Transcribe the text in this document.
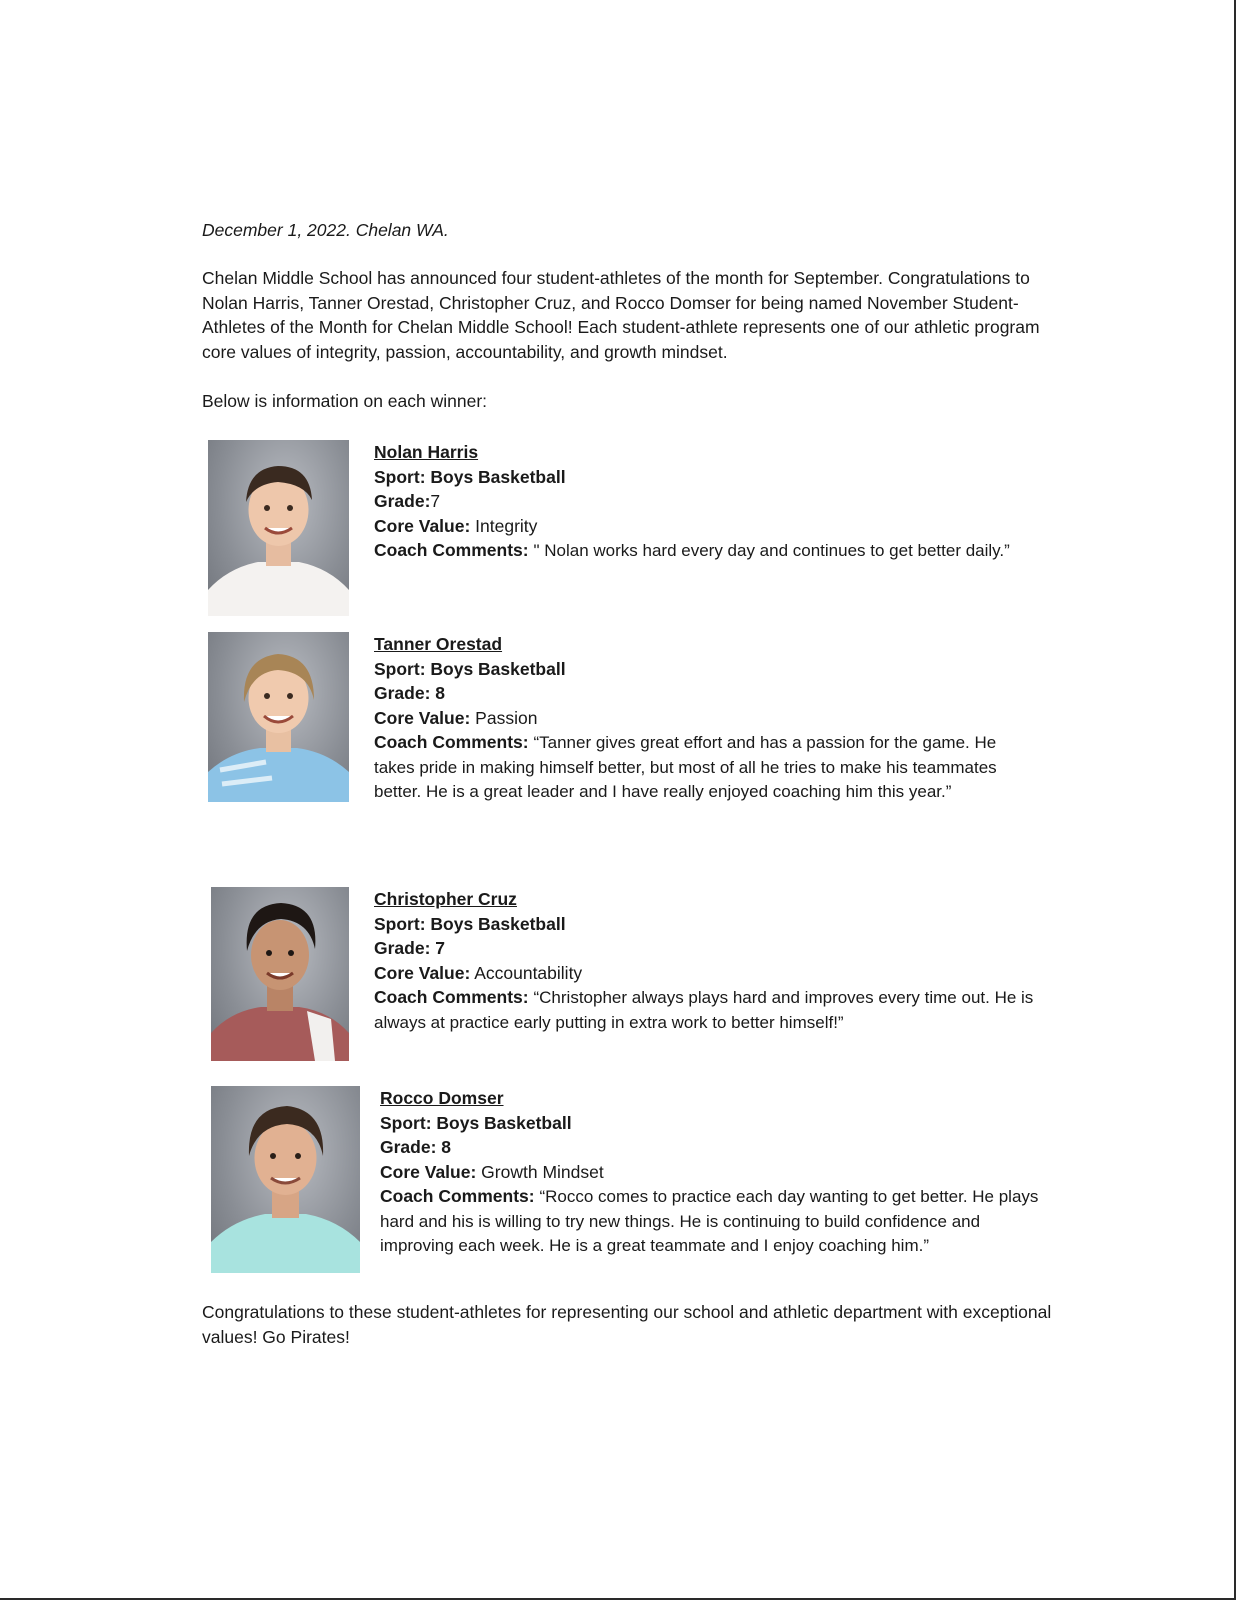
December 1, 2022. Chelan WA.

Chelan Middle School has announced four student-athletes of the month for September. Congratulations to Nolan Harris, Tanner Orestad, Christopher Cruz, and Rocco Domser for being named November Student-Athletes of the Month for Chelan Middle School! Each student-athlete represents one of our athletic program core values of integrity, passion, accountability, and growth mindset.

Below is information on each winner:

Nolan Harris

Sport: Boys Basketball

Grade:7

Core Value: Integrity

Coach Comments: " Nolan works hard every day and continues to get better daily.”

Tanner Orestad

Sport: Boys Basketball

Grade: 8

Core Value: Passion

Coach Comments: “Tanner gives great effort and has a passion for the game. He takes pride in making himself better, but most of all he tries to make his teammates better. He is a great leader and I have really enjoyed coaching him this year.”

Christopher Cruz

Sport: Boys Basketball

Grade: 7

Core Value: Accountability

Coach Comments: “Christopher always plays hard and improves every time out. He is always at practice early putting in extra work to better himself!”

Rocco Domser

Sport: Boys Basketball

Grade: 8

Core Value: Growth Mindset

Coach Comments: “Rocco comes to practice each day wanting to get better. He plays hard and his is willing to try new things. He is continuing to build confidence and improving each week. He is a great teammate and I enjoy coaching him.”

Congratulations to these student-athletes for representing our school and athletic department with exceptional values! Go Pirates!
